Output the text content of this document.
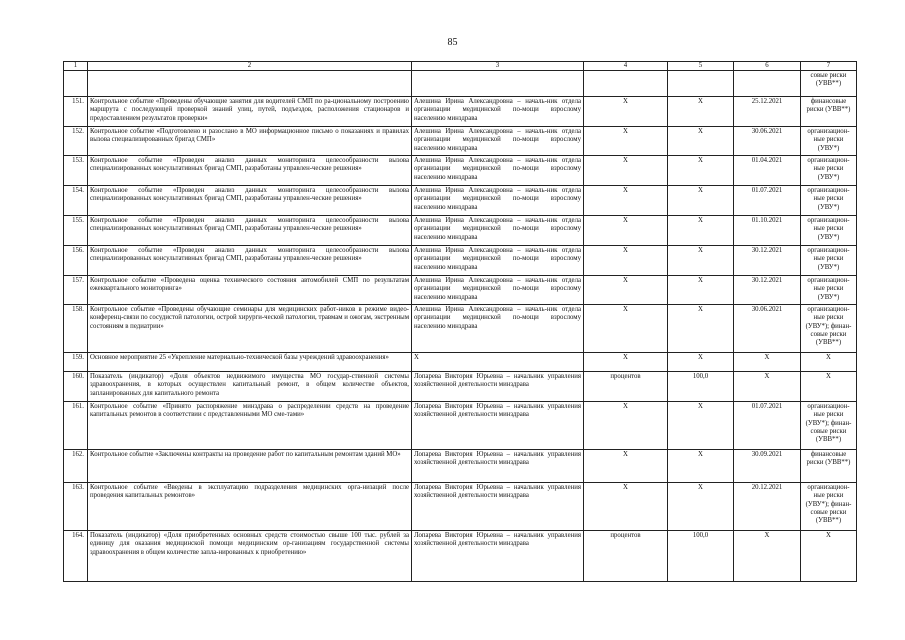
85
1	2	3	4	5	6	7
						совые риски (УВВ**)
151.	Контрольное событие «Проведены обучающие занятия для водителей СМП по ра-циональному построению маршрута с последующей проверкой знаний улиц, путей, подъездов, расположения стационаров и предоставлением результатов проверки»	Алешина Ирина Александровна – началь-ник отдела организации медицинской по-мощи взрослому населению минздрава	Х	Х	25.12.2021	финансовые риски (УВВ**)
152.	Контрольное событие «Подготовлено и разослано в МО информационное письмо о показаниях и правилах вызова специализированных бригад СМП»	Алешина Ирина Александровна – началь-ник отдела организации медицинской по-мощи взрослому населению минздрава	Х	Х	30.06.2021	организацион-ные риски (УВУ*)
153.	Контрольное событие «Проведен анализ данных мониторинга целесообразности вызова специализированных консультативных бригад СМП, разработаны управлен-ческие решения»	Алешина Ирина Александровна – началь-ник отдела организации медицинской по-мощи взрослому населению минздрава	Х	Х	01.04.2021	организацион-ные риски (УВУ*)
154.	Контрольное событие «Проведен анализ данных мониторинга целесообразности вызова специализированных консультативных бригад СМП, разработаны управлен-ческие решения»	Алешина Ирина Александровна – началь-ник отдела организации медицинской по-мощи взрослому населению минздрава	Х	Х	01.07.2021	организацион-ные риски (УВУ*)
155.	Контрольное событие «Проведен анализ данных мониторинга целесообразности вызова специализированных консультативных бригад СМП, разработаны управлен-ческие решения»	Алешина Ирина Александровна – началь-ник отдела организации медицинской по-мощи взрослому населению минздрава	Х	Х	01.10.2021	организацион-ные риски (УВУ*)
156.	Контрольное событие «Проведен анализ данных мониторинга целесообразности вызова специализированных консультативных бригад СМП, разработаны управлен-ческие решения»	Алешина Ирина Александровна – началь-ник отдела организации медицинской по-мощи взрослому населению минздрава	Х	Х	30.12.2021	организацион-ные риски (УВУ*)
157.	Контрольное событие «Проведена оценка технического состояния автомобилей СМП по результатам ежеквартального мониторинга»	Алешина Ирина Александровна – началь-ник отдела организации медицинской по-мощи взрослому населению минздрава	Х	Х	30.12.2021	организацион-ные риски (УВУ*)
158.	Контрольное событие «Проведены обучающие семинары для медицинских работ-ников в режиме видео-конференц-связи по сосудистой патологии, острой хирурги-ческой патологии, травмам и ожогам, экстренным состояниям в педиатрии»	Алешина Ирина Александровна – началь-ник отдела организации медицинской по-мощи взрослому населению минздрава	Х	Х	30.06.2021	организацион-ные риски (УВУ*); финан-совые риски (УВВ**)
159.	Основное мероприятие 25 «Укрепление материально-технической базы учреждений здравоохранения»	Х	Х	Х	Х	Х
160.	Показатель (индикатор) «Доля объектов недвижимого имущества МО государ-ственной системы здравоохранения, в которых осуществлен капитальный ремонт, в общем количестве объектов, запланированных для капитального ремонта	Лопарева Виктория Юрьевна – начальник управления хозяйственной деятельности минздрава	процентов	100,0	Х	Х
161.	Контрольное событие «Принято распоряжение минздрава о распределении средств на проведение капитальных ремонтов в соответствии с представленными МО сме-тами»	Лопарева Виктория Юрьевна – начальник управления хозяйственной деятельности минздрава	Х	Х	01.07.2021	организацион-ные риски (УВУ*); финан-совые риски (УВВ**)
162.	Контрольное событие «Заключены контракты на проведение работ по капитальным ремонтам зданий МО»	Лопарева Виктория Юрьевна – начальник управления хозяйственной деятельности минздрава	Х	Х	30.09.2021	финансовые риски (УВВ**)
163.	Контрольное событие «Введены в эксплуатацию подразделения медицинских орга-низаций после проведения капитальных ремонтов»	Лопарева Виктория Юрьевна – начальник управления хозяйственной деятельности минздрава	Х	Х	20.12.2021	организацион-ные риски (УВУ*); финан-совые риски (УВВ**)
164.	Показатель (индикатор) «Доля приобретенных основных средств стоимостью свыше 100 тыс. рублей за единицу для оказания медицинской помощи медицинским ор-ганизациям государственной системы здравоохранения в общем количестве запла-нированных к приобретению»	Лопарева Виктория Юрьевна – начальник управления хозяйственной деятельности минздрава	процентов	100,0	Х	Х
